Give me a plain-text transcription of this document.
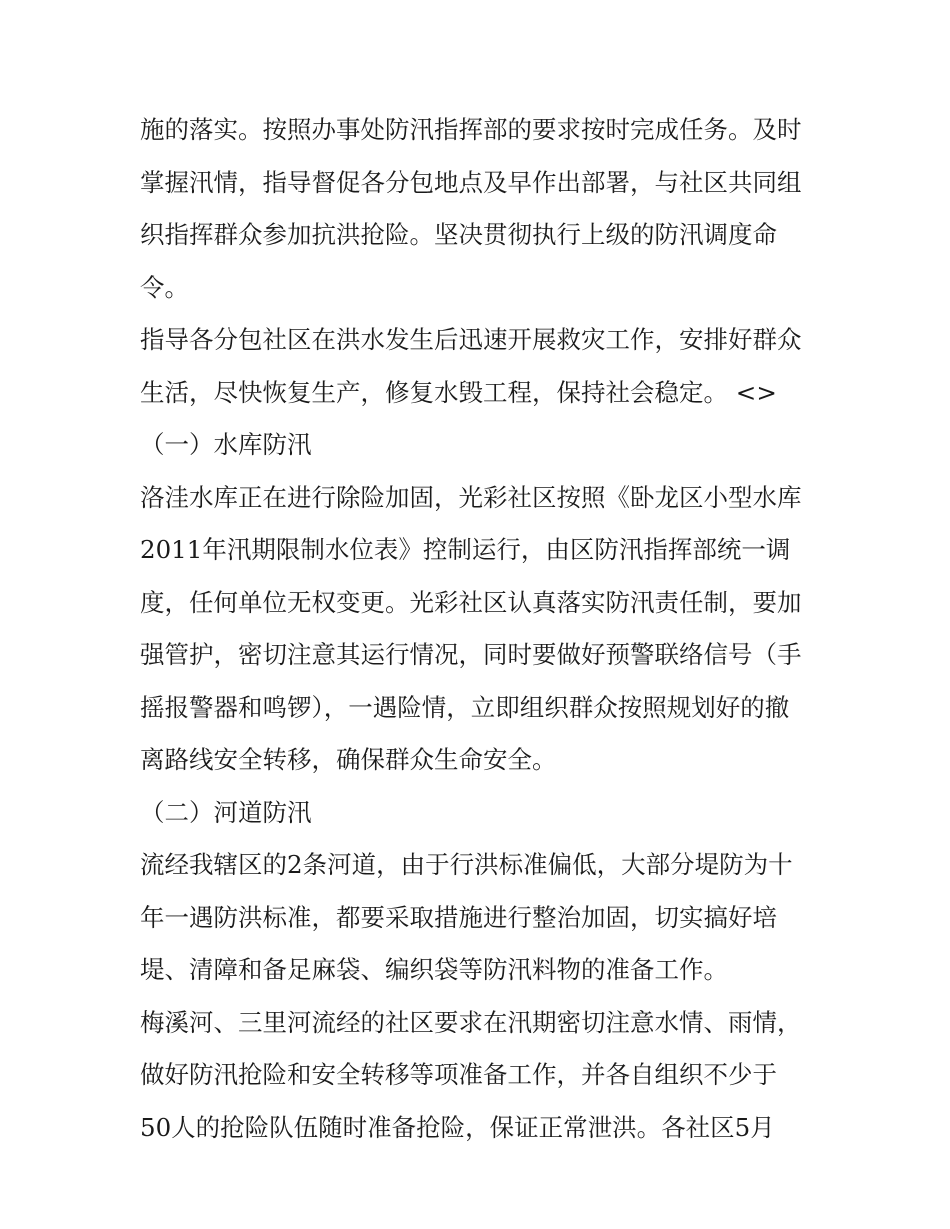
施的落实。按照办事处防汛指挥部的要求按时完成任务。及时
掌握汛情，指导督促各分包地点及早作出部署，与社区共同组
织指挥群众参加抗洪抢险。坚决贯彻执行上级的防汛调度命
令。
指导各分包社区在洪水发生后迅速开展救灾工作，安排好群众
生活，尽快恢复生产，修复水毁工程，保持社会稳定。 <>
（一）水库防汛
洛洼水库正在进行除险加固，光彩社区按照《卧龙区小型水库
2011年汛期限制水位表》控制运行，由区防汛指挥部统一调
度，任何单位无权变更。光彩社区认真落实防汛责任制，要加
强管护，密切注意其运行情况，同时要做好预警联络信号（手
摇报警器和鸣锣），一遇险情，立即组织群众按照规划好的撤
离路线安全转移，确保群众生命安全。
（二）河道防汛
流经我辖区的2条河道，由于行洪标准偏低，大部分堤防为十
年一遇防洪标准，都要采取措施进行整治加固，切实搞好培
堤、清障和备足麻袋、编织袋等防汛料物的准备工作。
梅溪河、三里河流经的社区要求在汛期密切注意水情、雨情，
做好防汛抢险和安全转移等项准备工作，并各自组织不少于
50人的抢险队伍随时准备抢险，保证正常泄洪。各社区5月
